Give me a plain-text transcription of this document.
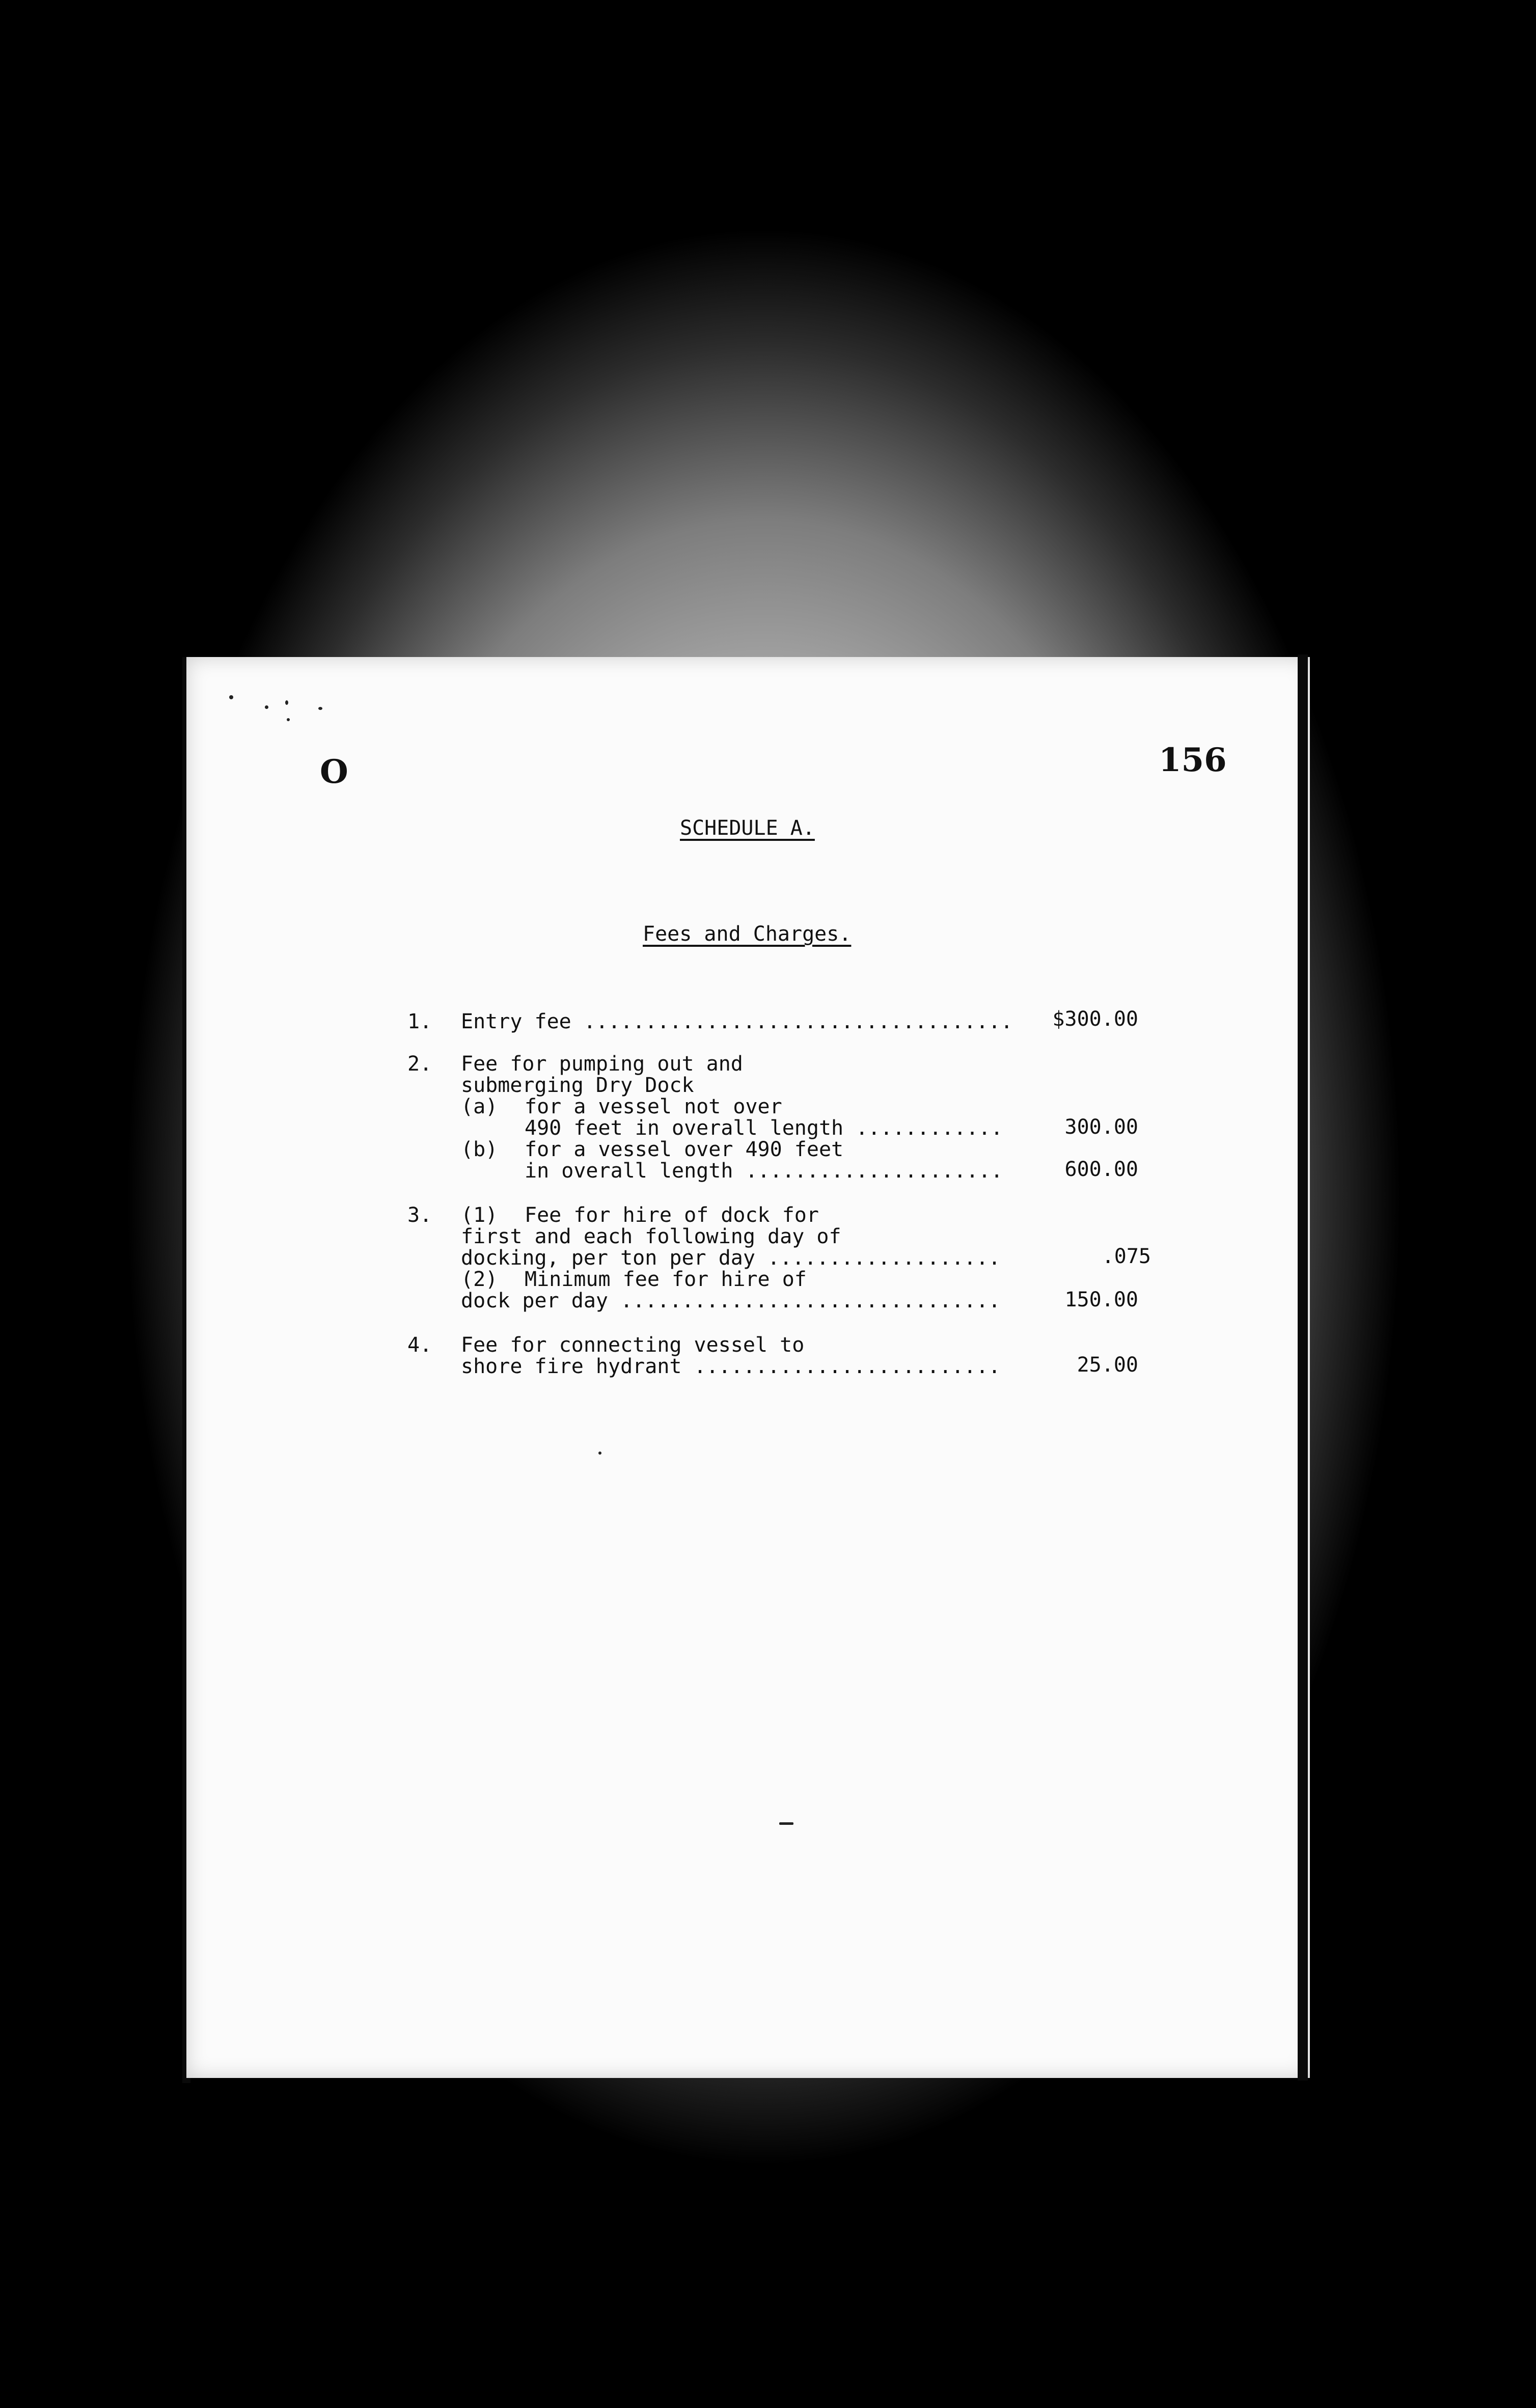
O	156
SCHEDULE A.
Fees and Charges.
1. Entry fee ...................................	$300.00
2. Fee for pumping out and
submerging Dry Dock
(a) for a vessel not over
490 feet in overall length ............	300.00
(b) for a vessel over 490 feet
in overall length .....................	600.00
3. (1) Fee for hire of dock for
first and each following day of
docking, per ton per day ...................	.075
(2) Minimum fee for hire of
dock per day ...............................	150.00
4. Fee for connecting vessel to
shore fire hydrant .........................	25.00
